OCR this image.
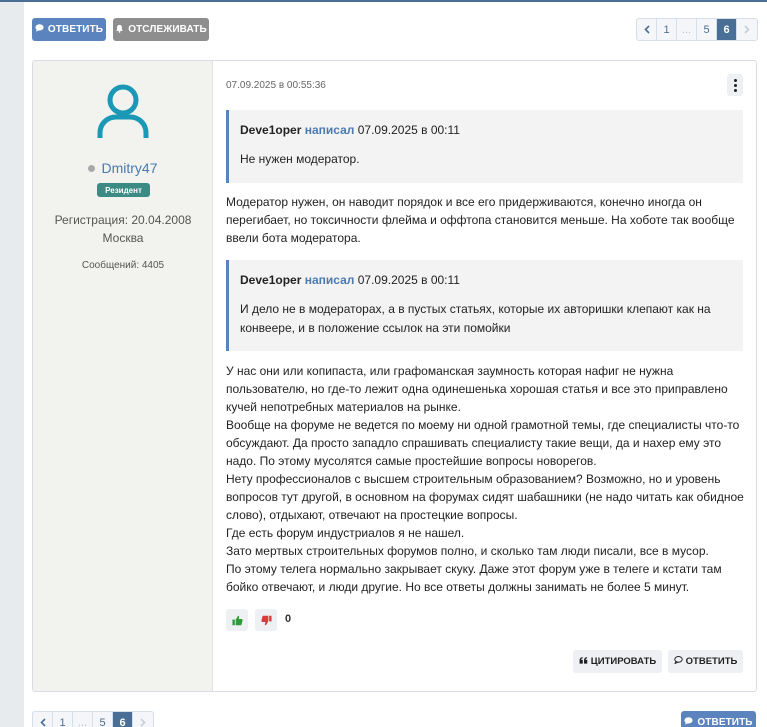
ОТВЕТИТЬ	ОТСЛЕЖИВАТЬ	1	...	5	6
Dmitry47
Резидент
Регистрация: 20.04.2008
Москва
Сообщений: 4405
07.09.2025 в 00:55:36
Deve1oper написал 07.09.2025 в 00:11
Не нужен модератор.
Модератор нужен, он наводит порядок и все его придерживаются, конечно иногда он перегибает, но токсичности флейма и оффтопа становится меньше. На хоботе так вообще ввели бота модератора.
Deve1oper написал 07.09.2025 в 00:11
И дело не в модераторах, а в пустых статьях, которые их авторишки клепают как на конвеере, и в положение ссылок на эти помойки
У нас они или копипаста, или графоманская заумность которая нафиг не нужна пользователю, но где-то лежит одна одинешенька хорошая статья и все это приправлено кучей непотребных материалов на рынке.
Вообще на форуме не ведется по моему ни одной грамотной темы, где специалисты что-то обсуждают. Да просто западло спрашивать специалисту такие вещи, да и нахер ему это надо. По этому мусолятся самые простейшие вопросы новорегов.
Нету профессионалов с высшем строительным образованием? Возможно, но и уровень вопросов тут другой, в основном на форумах сидят шабашники (не надо читать как обидное слово), отдыхают, отвечают на простецкие вопросы.
Где есть форум индустриалов я не нашел.
Зато мертвых строительных форумов полно, и сколько там люди писали, все в мусор.
По этому телега нормально закрывает скуку. Даже этот форум уже в телеге и кстати там бойко отвечают, и люди другие. Но все ответы должны занимать не более 5 минут.
0
ЦИТИРОВАТЬ	ОТВЕТИТЬ
1	...	5	6	ОТВЕТИТЬ
